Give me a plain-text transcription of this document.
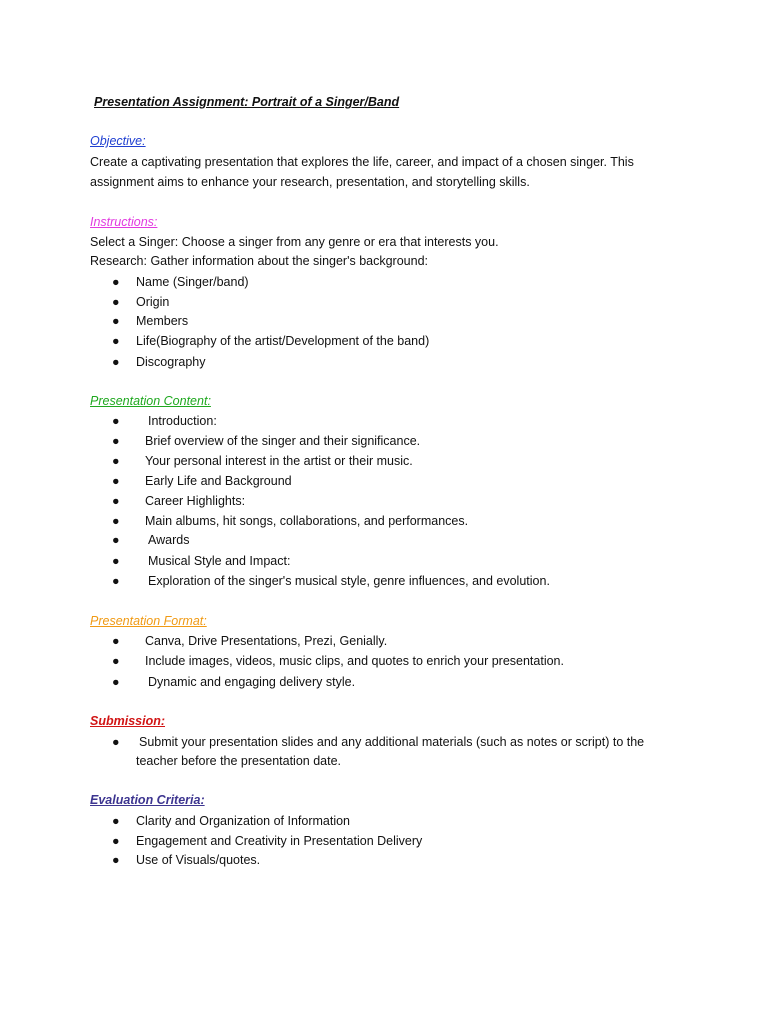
Presentation Assignment: Portrait of a Singer/Band
Objective:
Create a captivating presentation that explores the life, career, and impact of a chosen singer. This
assignment aims to enhance your research, presentation, and storytelling skills.
Instructions:
Select a Singer: Choose a singer from any genre or era that interests you.
Research: Gather information about the singer's background:
● Name (Singer/band)
● Origin
● Members
● Life(Biography of the artist/Development of the band)
● Discography
Presentation Content:
● Introduction:
● Brief overview of the singer and their significance.
● Your personal interest in the artist or their music.
● Early Life and Background
● Career Highlights:
● Main albums, hit songs, collaborations, and performances.
● Awards
● Musical Style and Impact:
● Exploration of the singer's musical style, genre influences, and evolution.
Presentation Format:
● Canva, Drive Presentations, Prezi, Genially.
● Include images, videos, music clips, and quotes to enrich your presentation.
● Dynamic and engaging delivery style.
Submission:
● Submit your presentation slides and any additional materials (such as notes or script) to the
teacher before the presentation date.
Evaluation Criteria:
● Clarity and Organization of Information
● Engagement and Creativity in Presentation Delivery
● Use of Visuals/quotes.
